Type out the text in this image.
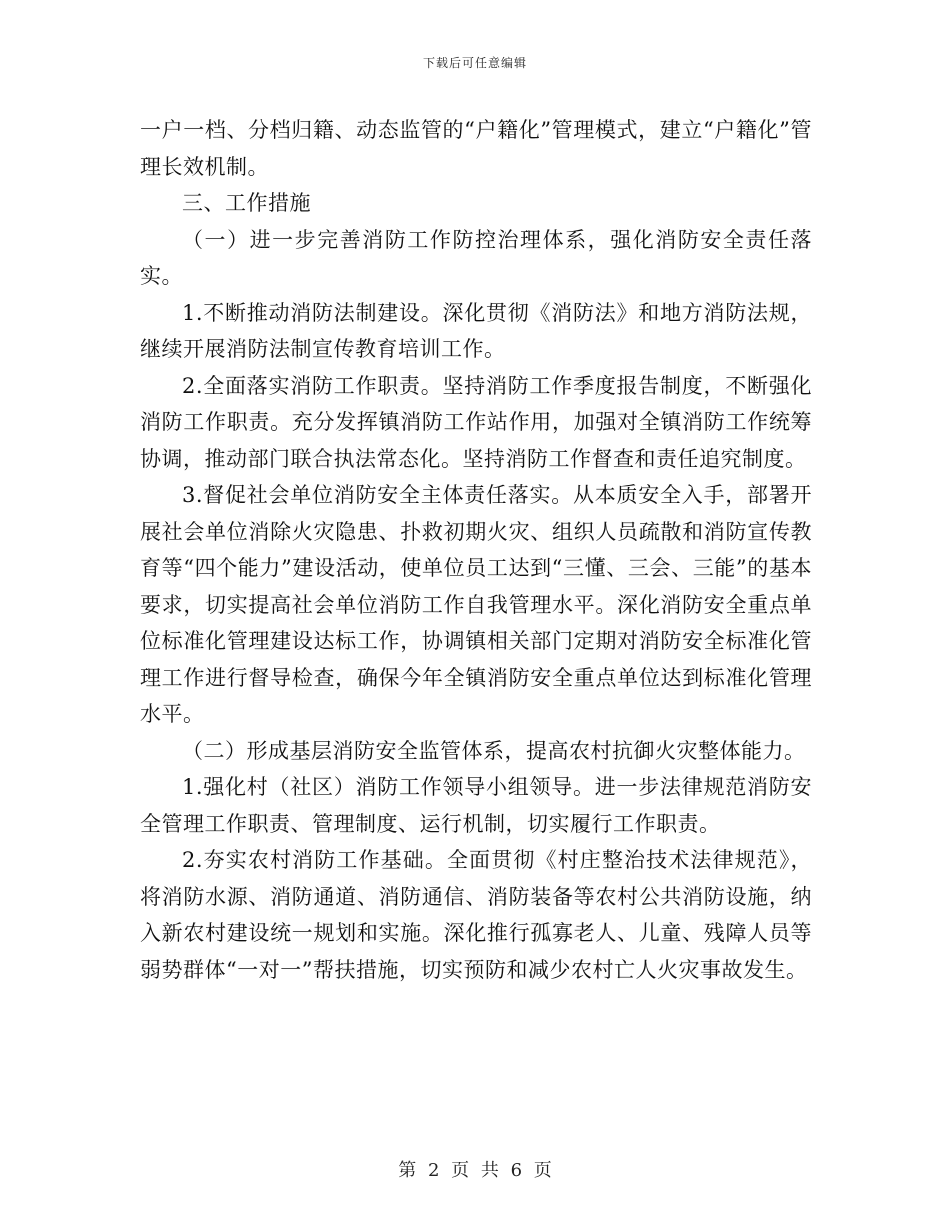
下载后可任意编辑

一户一档、分档归籍、动态监管的“户籍化”管理模式，建立“户籍化”管理长效机制。

三、工作措施

（一）进一步完善消防工作防控治理体系，强化消防安全责任落实。

1.不断推动消防法制建设。深化贯彻《消防法》和地方消防法规，继续开展消防法制宣传教育培训工作。

2.全面落实消防工作职责。坚持消防工作季度报告制度，不断强化消防工作职责。充分发挥镇消防工作站作用，加强对全镇消防工作统筹协调，推动部门联合执法常态化。坚持消防工作督查和责任追究制度。

3.督促社会单位消防安全主体责任落实。从本质安全入手，部署开展社会单位消除火灾隐患、扑救初期火灾、组织人员疏散和消防宣传教育等“四个能力”建设活动，使单位员工达到“三懂、三会、三能”的基本要求，切实提高社会单位消防工作自我管理水平。深化消防安全重点单位标准化管理建设达标工作，协调镇相关部门定期对消防安全标准化管理工作进行督导检查，确保今年全镇消防安全重点单位达到标准化管理水平。

（二）形成基层消防安全监管体系，提高农村抗御火灾整体能力。

1.强化村（社区）消防工作领导小组领导。进一步法律规范消防安全管理工作职责、管理制度、运行机制，切实履行工作职责。

2.夯实农村消防工作基础。全面贯彻《村庄整治技术法律规范》，将消防水源、消防通道、消防通信、消防装备等农村公共消防设施，纳入新农村建设统一规划和实施。深化推行孤寡老人、儿童、残障人员等弱势群体“一对一”帮扶措施，切实预防和减少农村亡人火灾事故发生。

第 2 页 共 6 页
